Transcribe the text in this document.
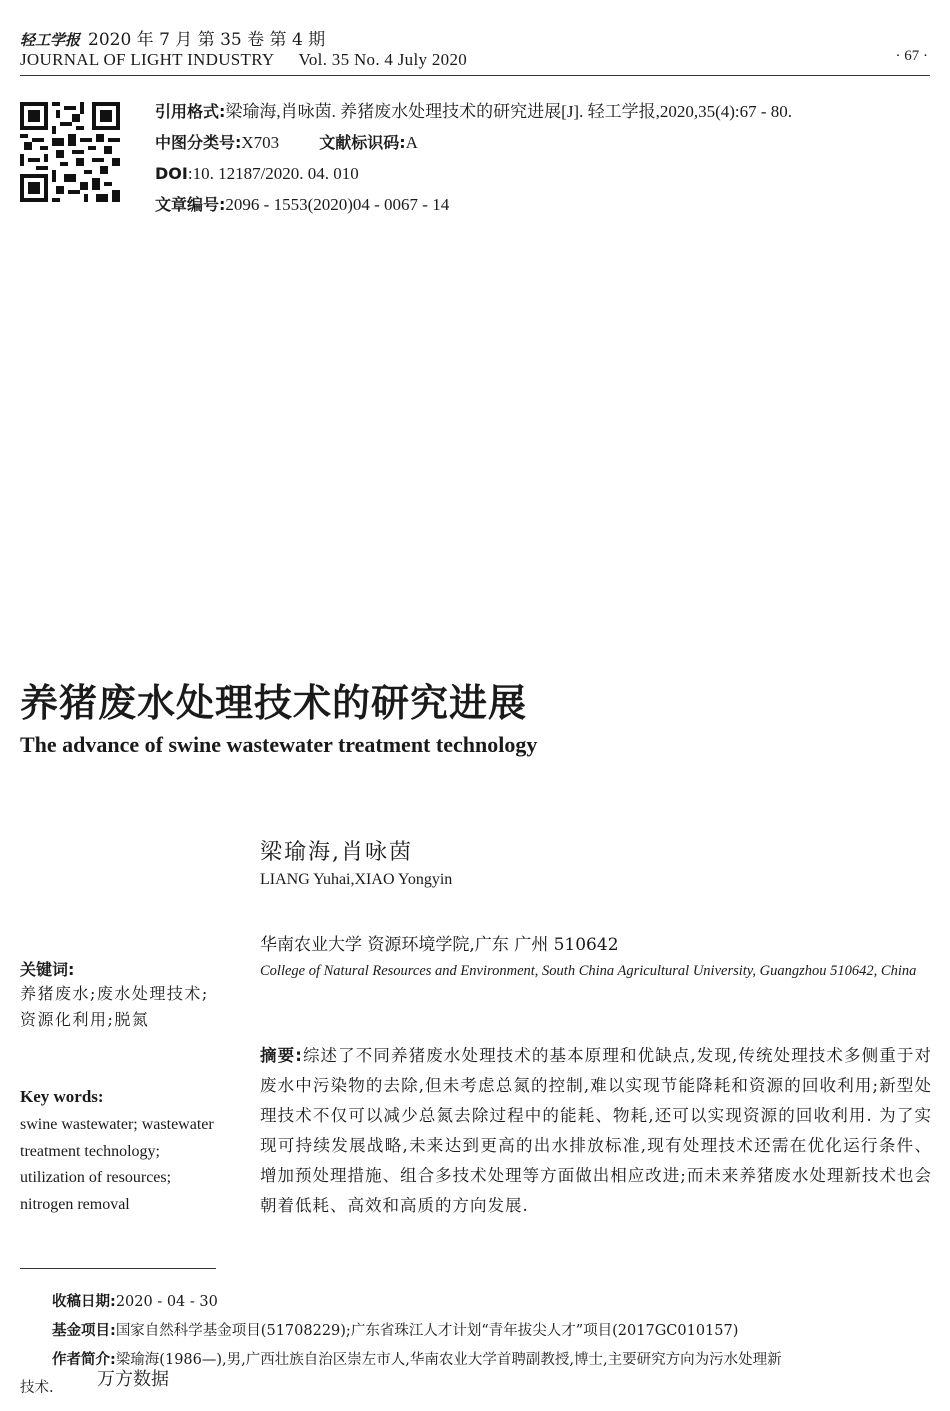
轻工学报 2020 年 7 月 第 35 卷 第 4 期
JOURNAL OF LIGHT INDUSTRY Vol. 35 No. 4 July 2020	· 67 ·
引用格式:梁瑜海,肖咏茵. 养猪废水处理技术的研究进展[J]. 轻工学报,2020,35(4):67 - 80.
中图分类号:X703	文献标识码:A
DOI:10. 12187/2020. 04. 010
文章编号:2096 - 1553(2020)04 - 0067 - 14
养猪废水处理技术的研究进展
The advance of swine wastewater treatment technology
梁瑜海,肖咏茵
LIANG Yuhai,XIAO Yongyin
华南农业大学 资源环境学院,广东 广州 510642
College of Natural Resources and Environment, South China Agricultural University, Guangzhou 510642, China
关键词:
养猪废水;废水处理技术;资源化利用;脱氮
Key words:
swine wastewater; wastewater treatment technology; utilization of resources; nitrogen removal
摘要:综述了不同养猪废水处理技术的基本原理和优缺点,发现,传统处理技术多侧重于对废水中污染物的去除,但未考虑总氮的控制,难以实现节能降耗和资源的回收利用;新型处理技术不仅可以减少总氮去除过程中的能耗、物耗,还可以实现资源的回收利用. 为了实现可持续发展战略,未来达到更高的出水排放标准,现有处理技术还需在优化运行条件、增加预处理措施、组合多技术处理等方面做出相应改进;而未来养猪废水处理新技术也会朝着低耗、高效和高质的方向发展.
收稿日期:2020 - 04 - 30
基金项目:国家自然科学基金项目(51708229);广东省珠江人才计划“青年拔尖人才”项目(2017GC010157)
作者简介:梁瑜海(1986—),男,广西壮族自治区崇左市人,华南农业大学首聘副教授,博士,主要研究方向为污水处理新
技术. 万方数据
